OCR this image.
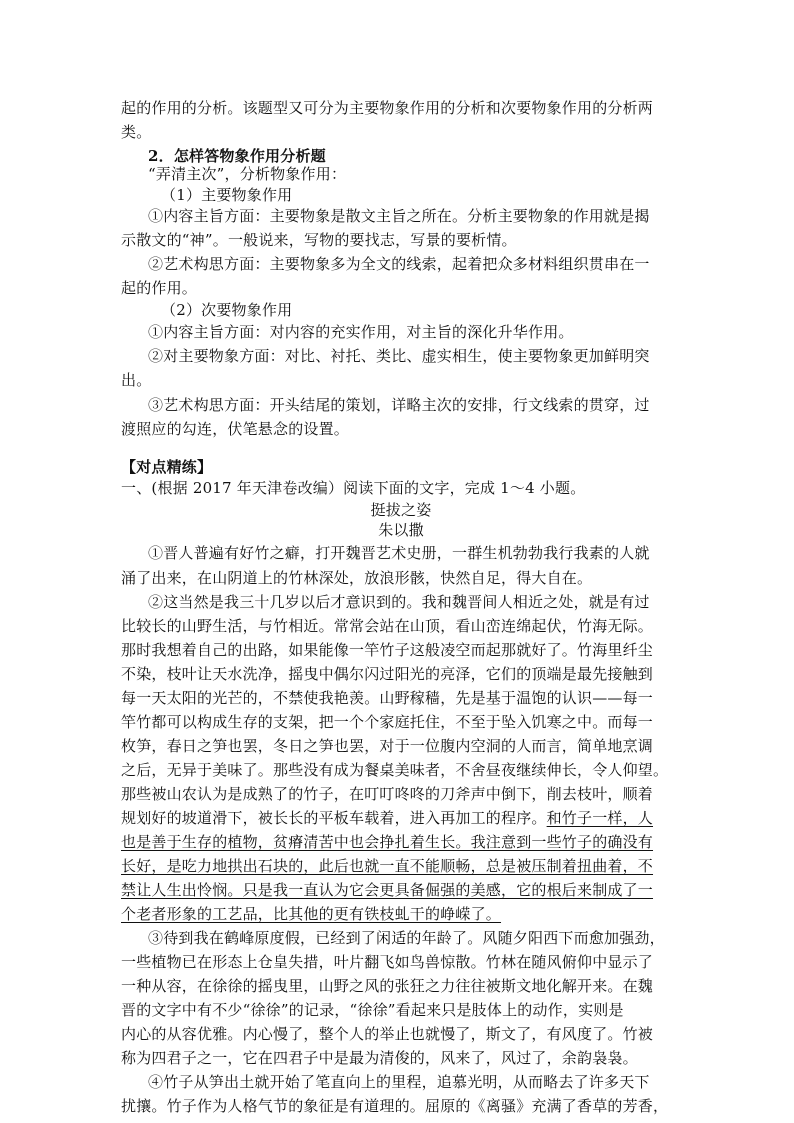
起的作用的分析。该题型又可分为主要物象作用的分析和次要物象作用的分析两
类。
2．怎样答物象作用分析题
“弄清主次”，分析物象作用：
（1）主要物象作用
①内容主旨方面：主要物象是散文主旨之所在。分析主要物象的作用就是揭
示散文的“神”。一般说来，写物的要找志，写景的要析情。
②艺术构思方面：主要物象多为全文的线索，起着把众多材料组织贯串在一
起的作用。
（2）次要物象作用
①内容主旨方面：对内容的充实作用，对主旨的深化升华作用。
②对主要物象方面：对比、衬托、类比、虚实相生，使主要物象更加鲜明突
出。
③艺术构思方面：开头结尾的策划，详略主次的安排，行文线索的贯穿，过
渡照应的勾连，伏笔悬念的设置。
【对点精练】
一、(根据 2017 年天津卷改编）阅读下面的文字，完成 1～4 小题。
挺拔之姿
朱以撒
①晋人普遍有好竹之癖，打开魏晋艺术史册，一群生机勃勃我行我素的人就
涌了出来，在山阴道上的竹林深处，放浪形骸，快然自足，得大自在。
②这当然是我三十几岁以后才意识到的。我和魏晋间人相近之处，就是有过
比较长的山野生活，与竹相近。常常会站在山顶，看山峦连绵起伏，竹海无际。
那时我想着自己的出路，如果能像一竿竹子这般凌空而起那就好了。竹海里纤尘
不染，枝叶让天水洗净，摇曳中偶尔闪过阳光的亮泽，它们的顶端是最先接触到
每一天太阳的光芒的，不禁使我艳羡。山野稼穑，先是基于温饱的认识——每一
竿竹都可以构成生存的支架，把一个个家庭托住，不至于坠入饥寒之中。而每一
枚笋，春日之笋也罢，冬日之笋也罢，对于一位腹内空洞的人而言，简单地烹调
之后，无异于美味了。那些没有成为餐桌美味者，不舍昼夜继续伸长，令人仰望。
那些被山农认为是成熟了的竹子，在叮叮咚咚的刀斧声中倒下，削去枝叶，顺着
规划好的坡道滑下，被长长的平板车载着，进入再加工的程序。和竹子一样，人
也是善于生存的植物，贫瘠清苦中也会挣扎着生长。我注意到一些竹子的确没有
长好，是吃力地拱出石块的，此后也就一直不能顺畅，总是被压制着扭曲着，不
禁让人生出怜悯。只是我一直认为它会更具备倔强的美感，它的根后来制成了一
个老者形象的工艺品，比其他的更有铁枝虬干的峥嵘了。
③待到我在鹤峰原度假，已经到了闲适的年龄了。风随夕阳西下而愈加强劲，
一些植物已在形态上仓皇失措，叶片翻飞如鸟兽惊散。竹林在随风俯仰中显示了
一种从容，在徐徐的摇曳里，山野之风的张狂之力往往被斯文地化解开来。在魏
晋的文字中有不少“徐徐”的记录，“徐徐”看起来只是肢体上的动作，实则是
内心的从容优雅。内心慢了，整个人的举止也就慢了，斯文了，有风度了。竹被
称为四君子之一，它在四君子中是最为清俊的，风来了，风过了，余韵袅袅。
④竹子从笋出土就开始了笔直向上的里程，追慕光明，从而略去了许多天下
扰攘。竹子作为人格气节的象征是有道理的。屈原的《离骚》充满了香草的芳香，
